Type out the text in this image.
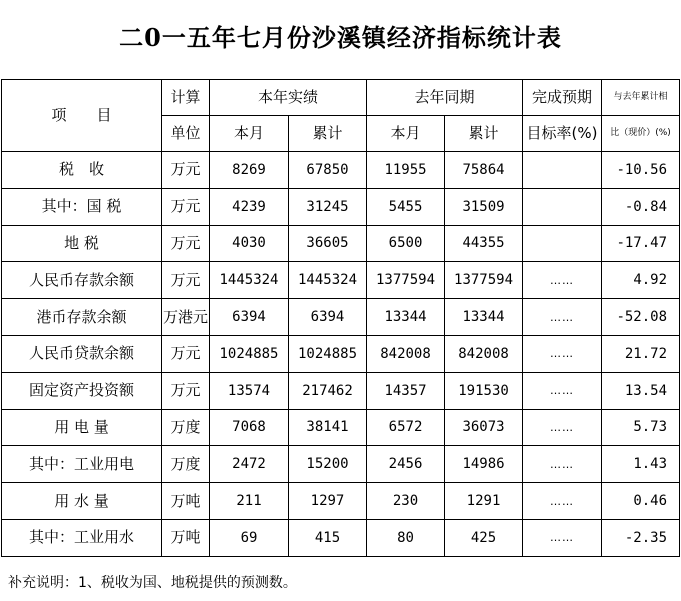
二0一五年七月份沙溪镇经济指标统计表
项　　目	计算	本年实绩		去年同期		完成预期	与去年累计相
	单位	本月	累计	本月	累计	目标率(%)	比（现价）(%)
税　收	万元	8269	67850	11955	75864		-10.56
其中：国 税	万元	4239	31245	5455	31509		-0.84
地 税	万元	4030	36605	6500	44355		-17.47
人民币存款余额	万元	1445324	1445324	1377594	1377594	……	4.92
港币存款余额	万港元	6394	6394	13344	13344	……	-52.08
人民币贷款余额	万元	1024885	1024885	842008	842008	……	21.72
固定资产投资额	万元	13574	217462	14357	191530	……	13.54
用 电 量	万度	7068	38141	6572	36073	……	5.73
其中：工业用电	万度	2472	15200	2456	14986	……	1.43
用 水 量	万吨	211	1297	230	1291	……	0.46
其中：工业用水	万吨	69	415	80	425	……	-2.35
补充说明：1、税收为国、地税提供的预测数。
